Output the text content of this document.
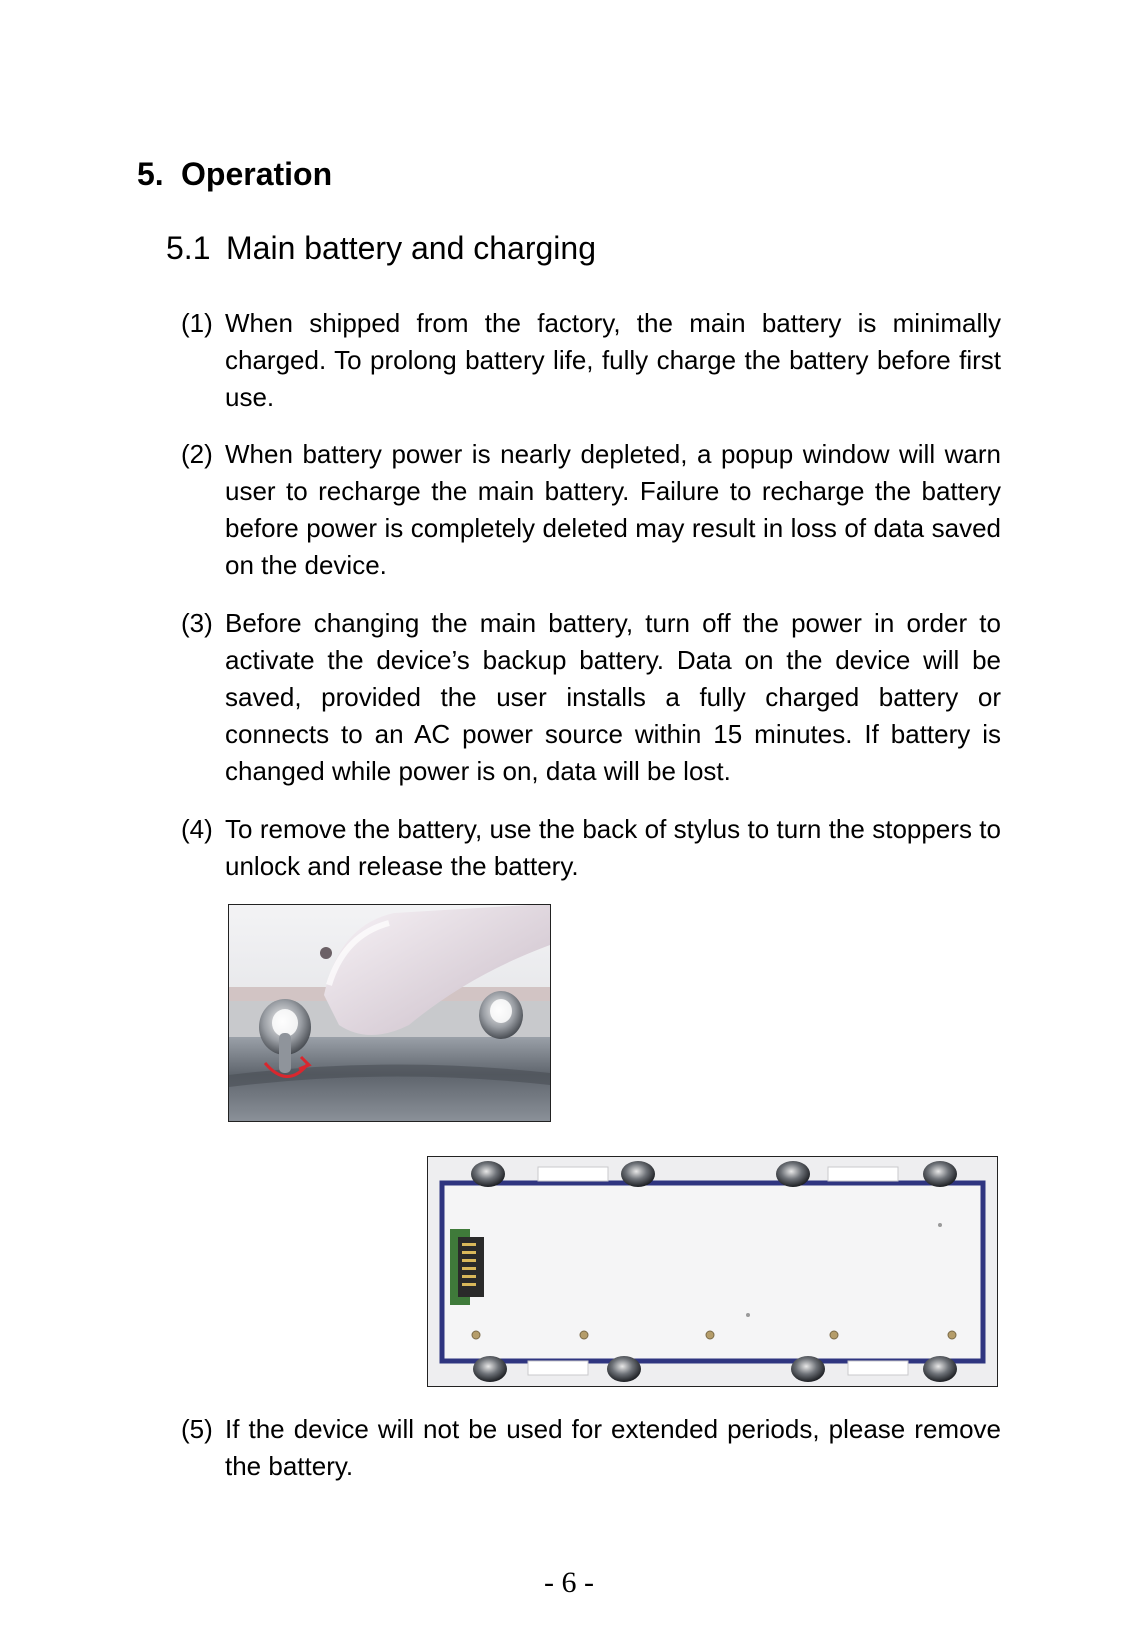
5. Operation
5.1 Main battery and charging
(1) When shipped from the factory, the main battery is minimally charged. To prolong battery life, fully charge the battery before first use.
(2) When battery power is nearly depleted, a popup window will warn user to recharge the main battery. Failure to recharge the battery before power is completely deleted may result in loss of data saved on the device.
(3) Before changing the main battery, turn off the power in order to activate the device’s backup battery. Data on the device will be saved, provided the user installs a fully charged battery or connects to an AC power source within 15 minutes. If battery is changed while power is on, data will be lost.
(4) To remove the battery, use the back of stylus to turn the stoppers to unlock and release the battery.
(5) If the device will not be used for extended periods, please remove the battery.
- 6 -
